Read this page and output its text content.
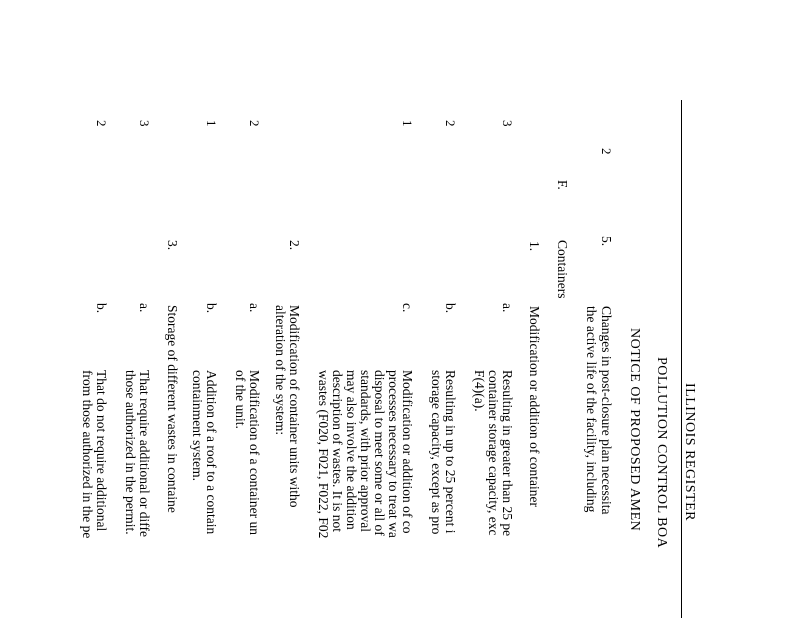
ILLINOIS REGISTER
POLLUTION CONTROL BOA
NOTICE OF PROPOSED AMEN
5.
Changes in post-closure plan necessita
the active life of the facility, including
F.
Containers
1.
Modification or addition of container
a.
Resulting in greater than 25 pe
container storage capacity, exc
F(4)(a).
b.
Resulting in up to 25 percent i
storage capacity, except as pro
c.
Modification or addition of co
processes necessary to treat wa
disposal to meet some or all of
standards, with prior approval
may also involve the addition
description of wastes. It is not
wastes (F020, F021, F022, F02
2.
Modification of container units witho
alteration of the system:
a.
Modification of a container un
of the unit.
b.
Addition of a roof to a contain
containment system.
3.
Storage of different wastes in containe
a.
That require additional or diffe
those authorized in the permit.
b.
That do not require additional
from those authorized in the pe
2
3
2
1
2
1
3
2
